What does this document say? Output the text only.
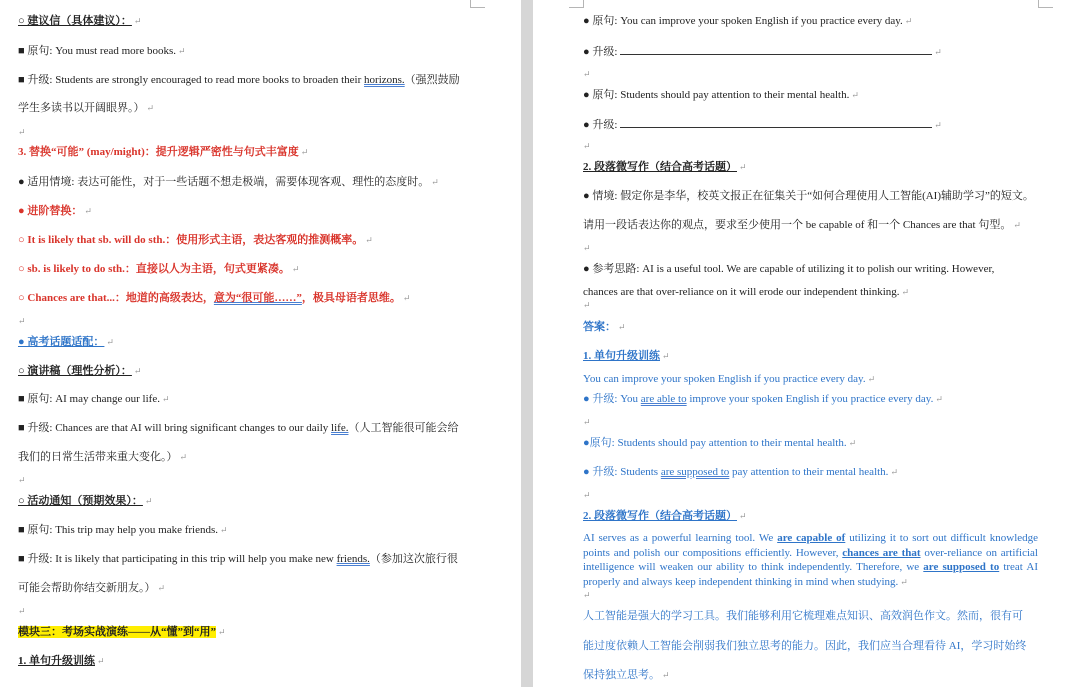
○ 建议信（具体建议）： ↵
■ 原句: You must read more books. ↵
■ 升级: Students are strongly encouraged to read more books to broaden their horizons.（强烈鼓励
学生多读书以开阔眼界。） ↵
↵
3. 替换“可能” (may/might)：提升逻辑严密性与句式丰富度 ↵
● 适用情境: 表达可能性，对于一些话题不想走极端，需要体现客观、理性的态度时。 ↵
● 进阶替换： ↵
○ It is likely that sb. will do sth.：使用形式主语，表达客观的推测概率。 ↵
○ sb. is likely to do sth.：直接以人为主语，句式更紧凑。 ↵
○ Chances are that...：地道的高级表达，意为“很可能……”，极具母语者思维。 ↵
↵
● 高考话题适配： ↵
○ 演讲稿（理性分析）： ↵
■ 原句: AI may change our life. ↵
■ 升级: Chances are that AI will bring significant changes to our daily life.（人工智能很可能会给
我们的日常生活带来重大变化。） ↵
↵
○ 活动通知（预期效果）： ↵
■ 原句: This trip may help you make friends. ↵
■ 升级: It is likely that participating in this trip will help you make new friends.（参加这次旅行很
可能会帮助你结交新朋友。） ↵
↵
模块三：考场实战演练——从“懂”到“用” ↵
1. 单句升级训练 ↵
● 原句: You can improve your spoken English if you practice every day. ↵
● 升级:	↵
↵
● 原句: Students should pay attention to their mental health. ↵
● 升级:	↵
↵
2. 段落微写作（结合高考话题） ↵
● 情境: 假定你是李华，校英文报正在征集关于“如何合理使用人工智能(AI)辅助学习”的短文。
请用一段话表达你的观点，要求至少使用一个 be capable of 和一个 Chances are that 句型。 ↵
↵
● 参考思路: AI is a useful tool. We are capable of utilizing it to polish our writing. However,
chances are that over-reliance on it will erode our independent thinking. ↵
↵
答案： ↵
1. 单句升级训练 ↵
You can improve your spoken English if you practice every day. ↵
● 升级: You are able to improve your spoken English if you practice every day. ↵
↵
●原句: Students should pay attention to their mental health. ↵
● 升级: Students are supposed to pay attention to their mental health. ↵
↵
2. 段落微写作（结合高考话题） ↵
AI serves as a powerful learning tool. We are capable of utilizing it to sort out difficult knowledge points and polish our compositions efficiently. However, chances are that over-reliance on artificial intelligence will weaken our ability to think independently. Therefore, we are supposed to treat AI properly and always keep independent thinking in mind when studying. ↵
↵
人工智能是强大的学习工具。我们能够利用它梳理难点知识、高效润色作文。然而，很有可
能过度依赖人工智能会削弱我们独立思考的能力。因此，我们应当合理看待 AI，学习时始终
保持独立思考。 ↵
